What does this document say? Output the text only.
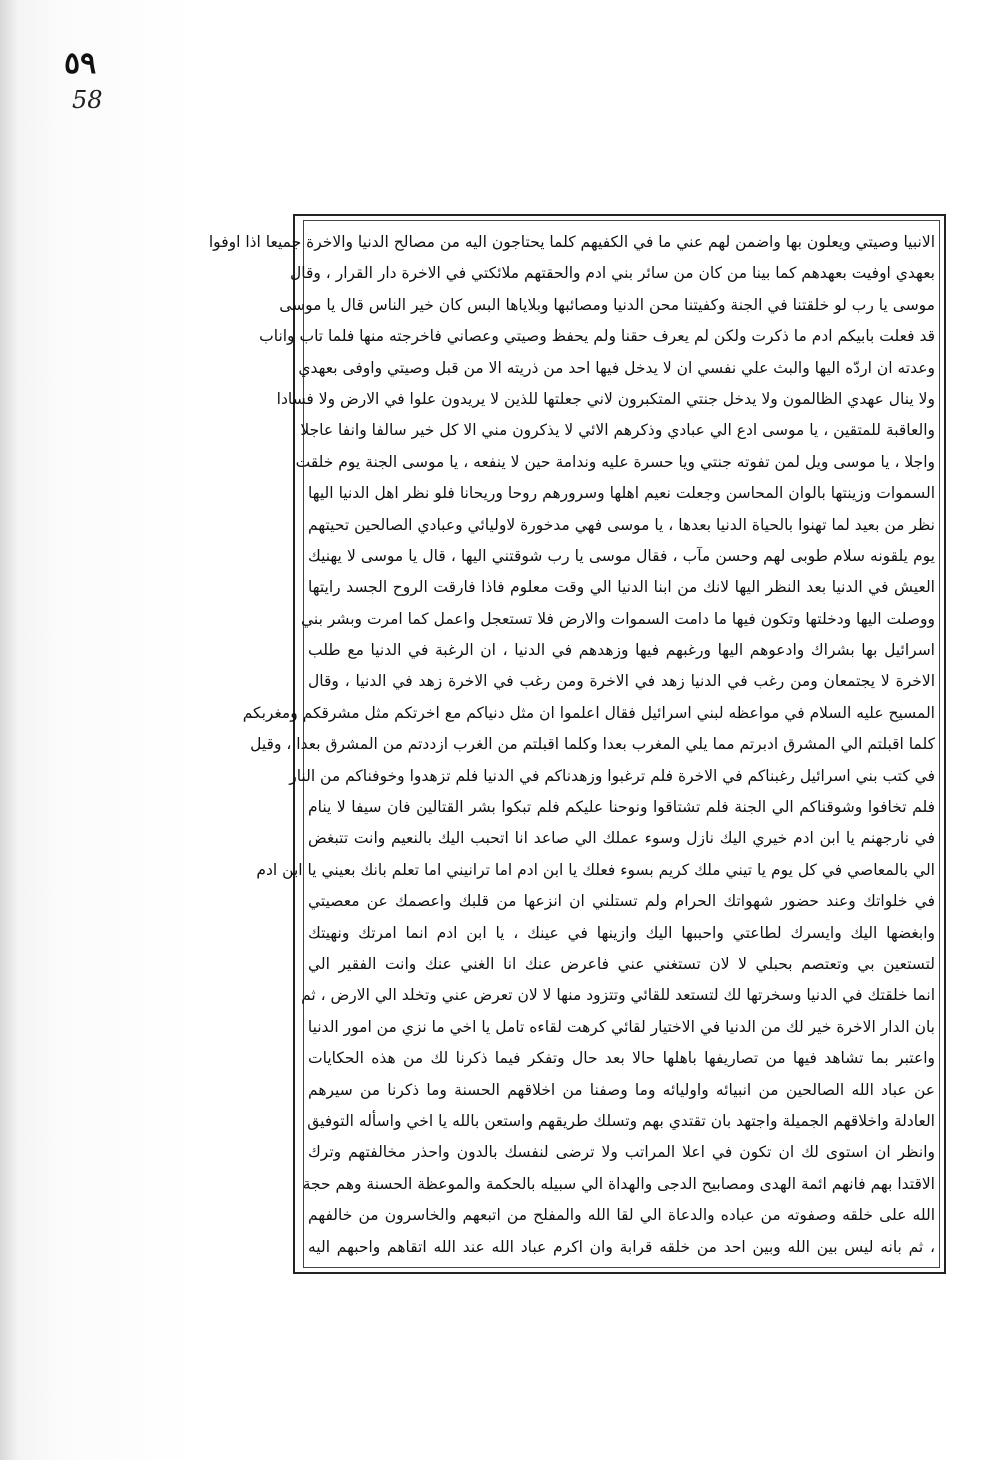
٥٩
58
الانبيا وصيتي ويعلون بها واضمن لهم عني ما في الكفيهم كلما يحتاجون اليه من مصالح الدنيا والاخرة جميعا اذا اوفوا
بعهدي اوفيت بعهدهم كما بينا من كان من سائر بني ادم والحقتهم ملائكتي في الاخرة دار القرار ، وقال
موسى يا رب لو خلقتنا في الجنة وكفيتنا محن الدنيا ومصائبها وبلاياها البس كان خير الناس قال يا موسى
قد فعلت بابيكم ادم ما ذكرت ولكن لم يعرف حقنا ولم يحفظ وصيتي وعصاني فاخرجته منها فلما تاب واناب
وعدته ان اردّه اليها والبث علي نفسي ان لا يدخل فيها احد من ذريته الا من قبل وصيتي واوفى بعهدي
ولا ينال عهدي الظالمون ولا يدخل جنتي المتكبرون لاني جعلتها للذين لا يريدون علوا في الارض ولا فسادا
والعاقبة للمتقين ، يا موسى ادع الي عبادي وذكرهم الائي لا يذكرون مني الا كل خير سالفا وانفا عاجلا
واجلا ، يا موسى ويل لمن تفوته جنتي ويا حسرة عليه وندامة حين لا ينفعه ، يا موسى الجنة يوم خلقت
السموات وزينتها بالوان المحاسن وجعلت نعيم اهلها وسرورهم روحا وريحانا فلو نظر اهل الدنيا اليها
نظر من بعيد لما تهنوا بالحياة الدنيا بعدها ، يا موسى فهي مدخورة لاوليائي وعبادي الصالحين تحيتهم
يوم يلقونه سلام طوبى لهم وحسن مآب ، فقال موسى يا رب شوقتني اليها ، قال يا موسى لا يهنيك
العيش في الدنيا بعد النظر اليها لانك من ابنا الدنيا الي وقت معلوم فاذا فارقت الروح الجسد رايتها
ووصلت اليها ودخلتها وتكون فيها ما دامت السموات والارض فلا تستعجل واعمل كما امرت وبشر بني
اسرائيل بها بشراك وادعوهم اليها ورغبهم فيها وزهدهم في الدنيا ، ان الرغبة في الدنيا مع طلب
الاخرة لا يجتمعان ومن رغب في الدنيا زهد في الاخرة ومن رغب في الاخرة زهد في الدنيا ، وقال
المسيح عليه السلام في مواعظه لبني اسرائيل فقال اعلموا ان مثل دنياكم مع اخرتكم مثل مشرقكم ومغربكم
كلما اقبلتم الي المشرق ادبرتم مما يلي المغرب بعدا وكلما اقبلتم من الغرب ازددتم من المشرق بعدا ، وقيل
في كتب بني اسرائيل رغبناكم في الاخرة فلم ترغبوا وزهدناكم في الدنيا فلم تزهدوا وخوفناكم من النار
فلم تخافوا وشوقناكم الي الجنة فلم تشتاقوا ونوحنا عليكم فلم تبكوا بشر القتالين فان سيفا لا ينام
في نارجهنم يا ابن ادم خيري اليك نازل وسوء عملك الي صاعد انا اتحبب اليك بالنعيم وانت تتبغض
الي بالمعاصي في كل يوم يا تيني ملك كريم بسوء فعلك يا ابن ادم اما ترانيني اما تعلم بانك بعيني يا ابن ادم
في خلواتك وعند حضور شهواتك الحرام ولم تستلني ان انزعها من قلبك واعصمك عن معصيتي
وابغضها اليك وايسرك لطاعتي واحببها اليك وازينها في عينك ، يا ابن ادم انما امرتك ونهيتك
لتستعين بي وتعتصم بحبلي لا لان تستغني عني فاعرض عنك انا الغني عنك وانت الفقير الي
انما خلقتك في الدنيا وسخرتها لك لتستعد للقائي وتتزود منها لا لان تعرض عني وتخلد الي الارض ، ثم
بان الدار الاخرة خير لك من الدنيا في الاختيار لقائي كرهت لقاءه تامل يا اخي ما نزي من امور الدنيا
واعتبر بما تشاهد فيها من تصاريفها باهلها حالا بعد حال وتفكر فيما ذكرنا لك من هذه الحكايات
عن عباد الله الصالحين من انبيائه واوليائه وما وصفنا من اخلاقهم الحسنة وما ذكرنا من سيرهم
العادلة واخلاقهم الجميلة واجتهد بان تقتدي بهم وتسلك طريقهم واستعن بالله يا اخي واسأله التوفيق
وانظر ان استوى لك ان تكون في اعلا المراتب ولا ترضى لنفسك بالدون واحذر مخالفتهم وترك
الاقتدا بهم فانهم ائمة الهدى ومصابيح الدجى والهداة الي سبيله بالحكمة والموعظة الحسنة وهم حجة
الله على خلقه وصفوته من عباده والدعاة الي لقا الله والمفلح من اتبعهم والخاسرون من خالفهم
، ثم بانه ليس بين الله وبين احد من خلقه قرابة وان اكرم عباد الله عند الله اتقاهم واحبهم اليه
